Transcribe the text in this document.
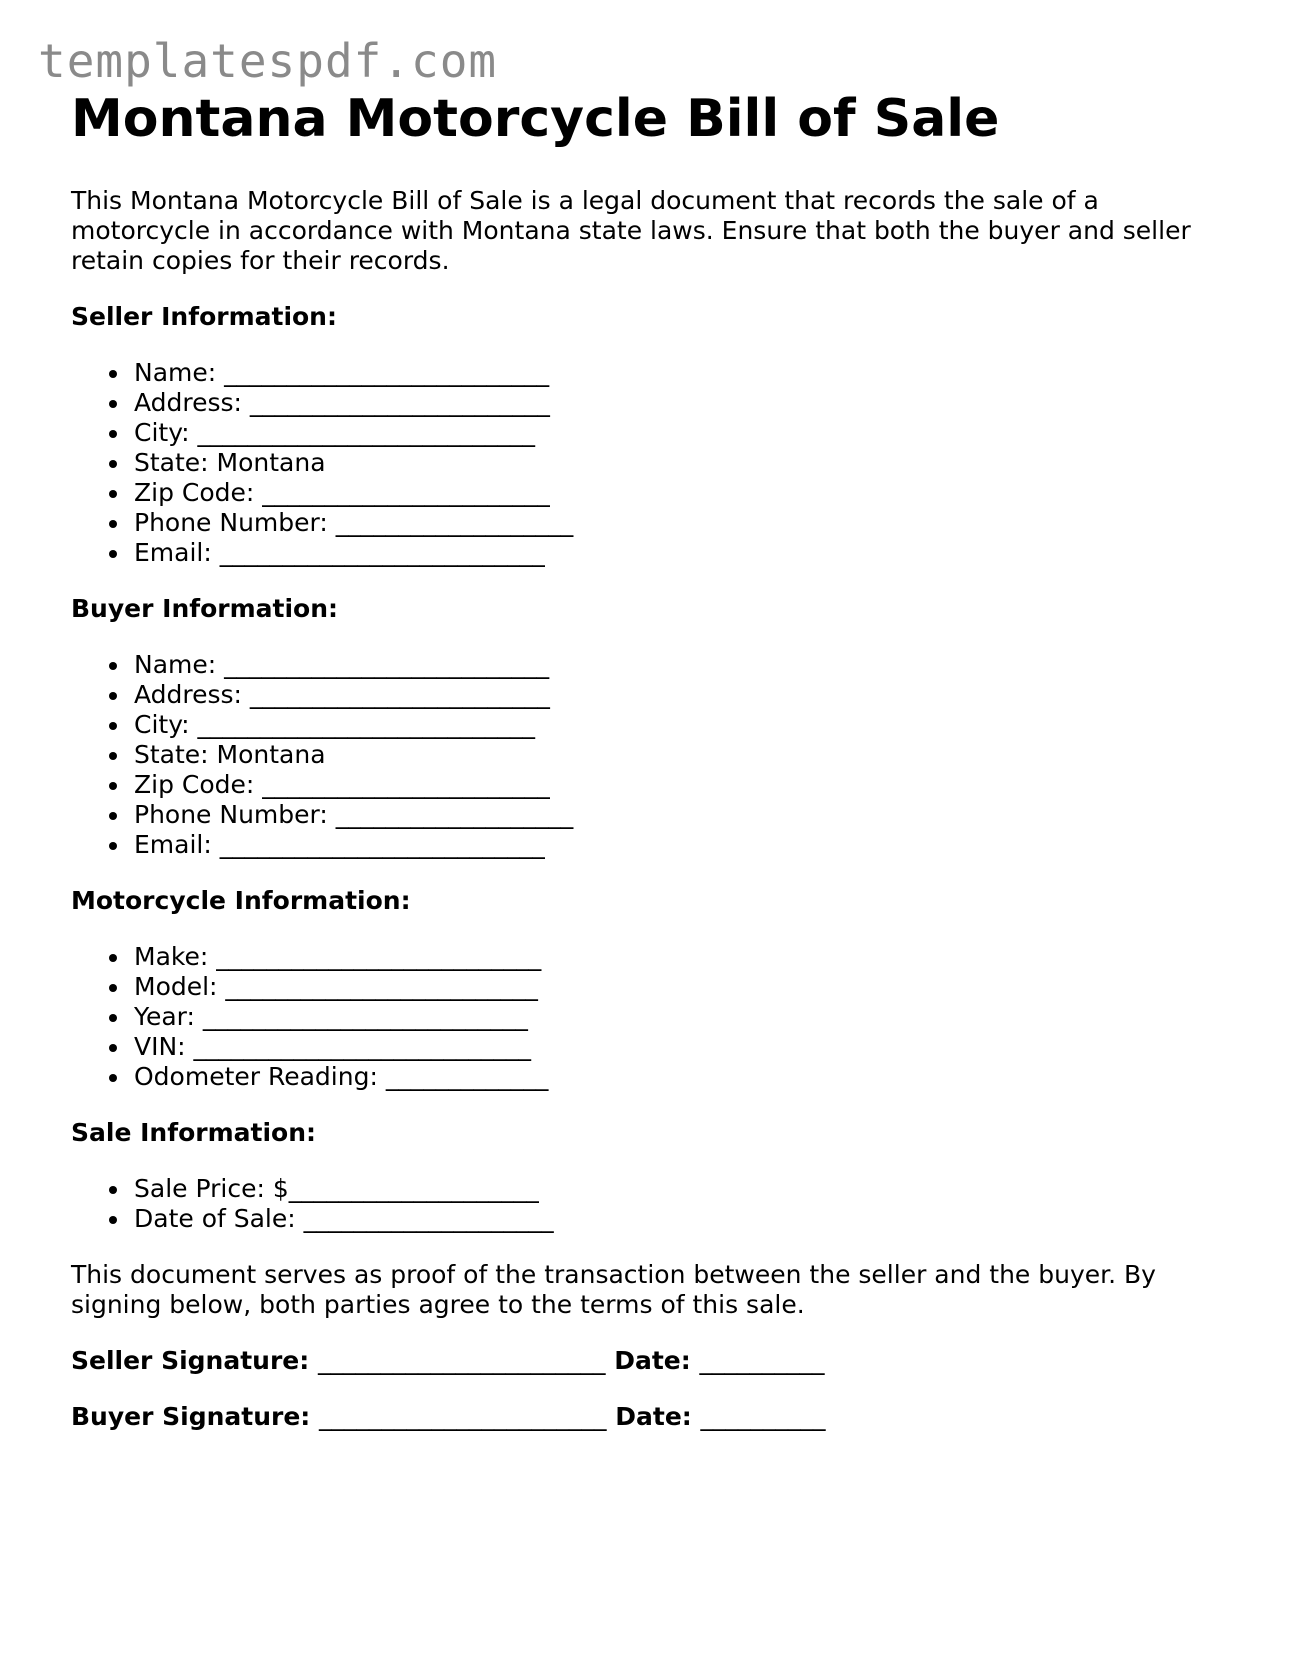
templatespdf.com
Montana Motorcycle Bill of Sale

This Montana Motorcycle Bill of Sale is a legal document that records the sale of a motorcycle in accordance with Montana state laws. Ensure that both the buyer and seller retain copies for their records.

Seller Information:
Name: __________________________
Address: ________________________
City: ___________________________
State: Montana
Zip Code: _______________________
Phone Number: ___________________
Email: __________________________
Buyer Information:
Name: __________________________
Address: ________________________
City: ___________________________
State: Montana
Zip Code: _______________________
Phone Number: ___________________
Email: __________________________
Motorcycle Information:
Make: __________________________
Model: _________________________
Year: __________________________
VIN: ___________________________
Odometer Reading: _____________
Sale Information:
Sale Price: $____________________
Date of Sale: ____________________

This document serves as proof of the transaction between the seller and the buyer. By signing below, both parties agree to the terms of this sale.

Seller Signature: _______________________ Date: __________
Buyer Signature: _______________________ Date: __________
